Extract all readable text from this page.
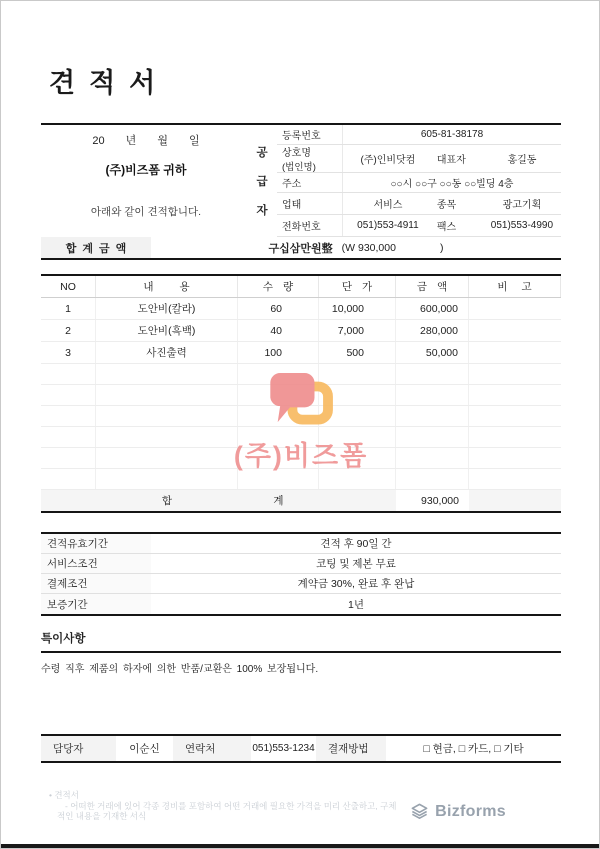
견적서
20 년 월 일
(주)비즈폼 귀하
아래와 같이 견적합니다.
공급자
등록번호	605-81-38178
상호명
(법인명)
(주)인비닷컴	대표자	홍길동
주소	○○시 ○○구 ○○동 ○○빌딩 4층
업태	서비스	종목	광고기획
전화번호	051)553-4911	팩스	051)553-4990
합계금액	구십삼만원整 (W 930,000	)
NO	내용	수량	단가	금액	비고
1	도안비(칼라)	60	10,000	600,000
2	도안비(흑백)	40	7,000	280,000
3	사진출력	100	500	50,000
합	계	930,000
(주)비즈폼
견적유효기간	견적 후 90일 간
서비스조건	코팅 및 제본 무료
결제조건	계약금 30%, 완료 후 완납
보증기간	1년
특이사항
수령 직후 제품의 하자에 의한 반품/교환은 100% 보장됩니다.
담당자	이순신	연락처	051)553-1234 결재방법	□ 현금, □ 카드, □ 기타
• 견적서
- 어떠한 거래에 있어 각종 경비를 포함하여 어떤 거래에 필요한 가격을 미리 산출하고, 구체
적인 내용을 기재한 서식	Bizforms
